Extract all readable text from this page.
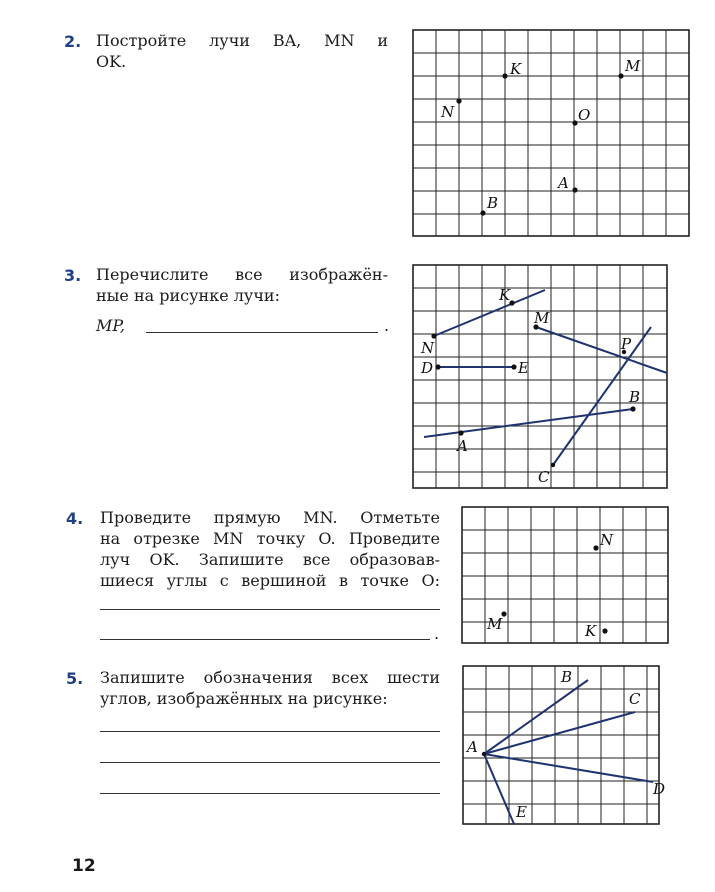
2. Постройте лучи BA, MN и
OK.	K	M
N	O
A
B
3. Перечислите все изображён-
ные на рисунке лучи:
MP,	.
K
M
N	P
D	E
B
A
C
4. Проведите прямую MN. Отметьте
на отрезке MN точку O. Проведите
луч OK. Запишите все образовав-
шиеся углы с вершиной в точке O:
.
N
M	K
5. Запишите обозначения всех шести
углов, изображённых на рисунке:
A
B
C
D
E
12
